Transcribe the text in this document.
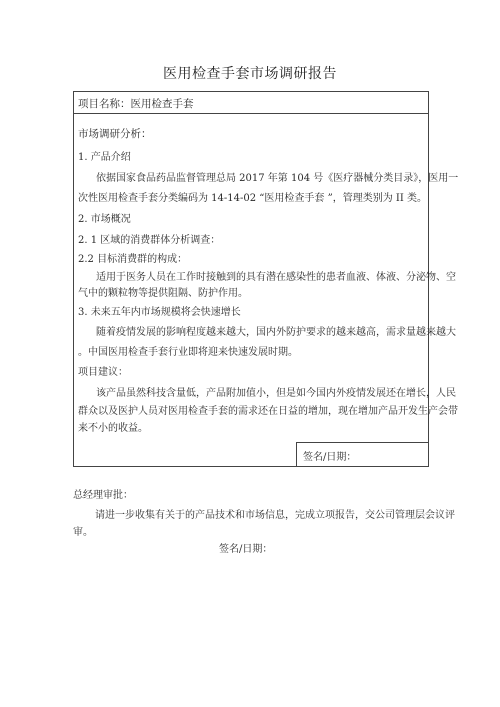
医用检查手套市场调研报告
项目名称：医用检查手套
市场调研分析：
1. 产品介绍
依据国家食品药品监督管理总局 2017 年第 104 号《医疗器械分类目录》，医用一
次性医用检查手套分类编码为 14-14-02 “医用检查手套 ”，管理类别为 II 类。
2. 市场概况
2. 1 区域的消费群体分析调查：
2.2 目标消费群的构成：
适用于医务人员在工作时接触到的具有潜在感染性的患者血液、体液、分泌物、空
气中的颗粒物等提供阻隔、防护作用。
3. 未来五年内市场规模将会快速增长
随着疫情发展的影响程度越来越大，国内外防护要求的越来越高，需求量越来越大
。中国医用检查手套行业即将迎来快速发展时期。
项目建议：
该产品虽然科技含量低，产品附加值小，但是如今国内外疫情发展还在增长，人民
群众以及医护人员对医用检查手套的需求还在日益的增加，现在增加产品开发生产会带
来不小的收益。
签名/日期：
总经理审批：
请进一步收集有关于的产品技术和市场信息，完成立项报告，交公司管理层会议评
审。
签名/日期：
